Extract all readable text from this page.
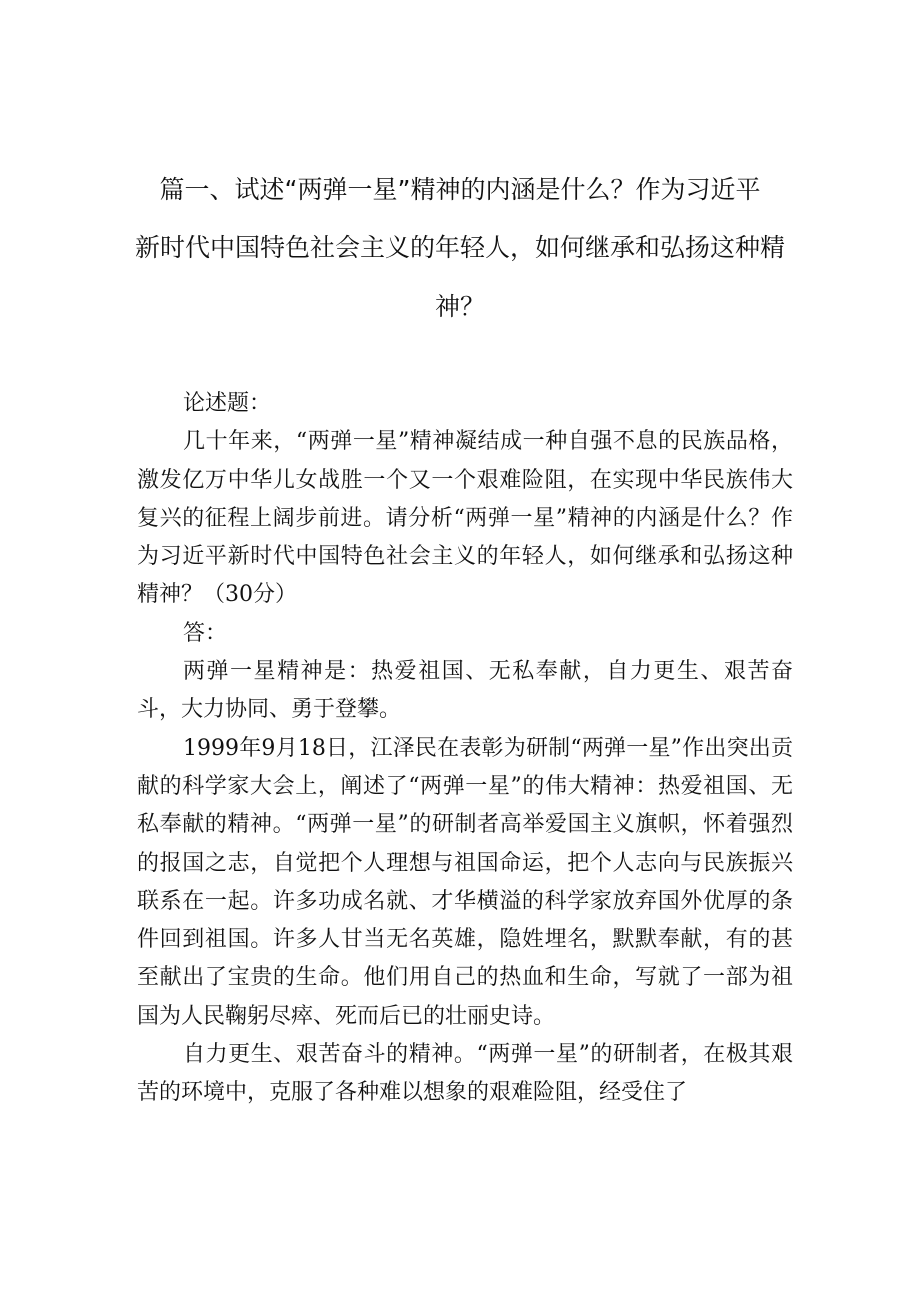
篇一、试述“两弹一星”精神的内涵是什么？作为习近平
新时代中国特色社会主义的年轻人，如何继承和弘扬这种精
神？

论述题：

几十年来，“两弹一星”精神凝结成一种自强不息的民族品格，激发亿万中华儿女战胜一个又一个艰难险阻，在实现中华民族伟大复兴的征程上阔步前进。请分析“两弹一星”精神的内涵是什么？作为习近平新时代中国特色社会主义的年轻人，如何继承和弘扬这种精神？（30分）

答：

两弹一星精神是：热爱祖国、无私奉献，自力更生、艰苦奋斗，大力协同、勇于登攀。

1999年9月18日，江泽民在表彰为研制“两弹一星”作出突出贡献的科学家大会上，阐述了“两弹一星”的伟大精神：热爱祖国、无私奉献的精神。“两弹一星”的研制者高举爱国主义旗帜，怀着强烈的报国之志，自觉把个人理想与祖国命运，把个人志向与民族振兴联系在一起。许多功成名就、才华横溢的科学家放弃国外优厚的条件回到祖国。许多人甘当无名英雄，隐姓埋名，默默奉献，有的甚至献出了宝贵的生命。他们用自己的热血和生命，写就了一部为祖国为人民鞠躬尽瘁、死而后已的壮丽史诗。

自力更生、艰苦奋斗的精神。“两弹一星”的研制者，在极其艰苦的环境中，克服了各种难以想象的艰难险阻，经受住了
